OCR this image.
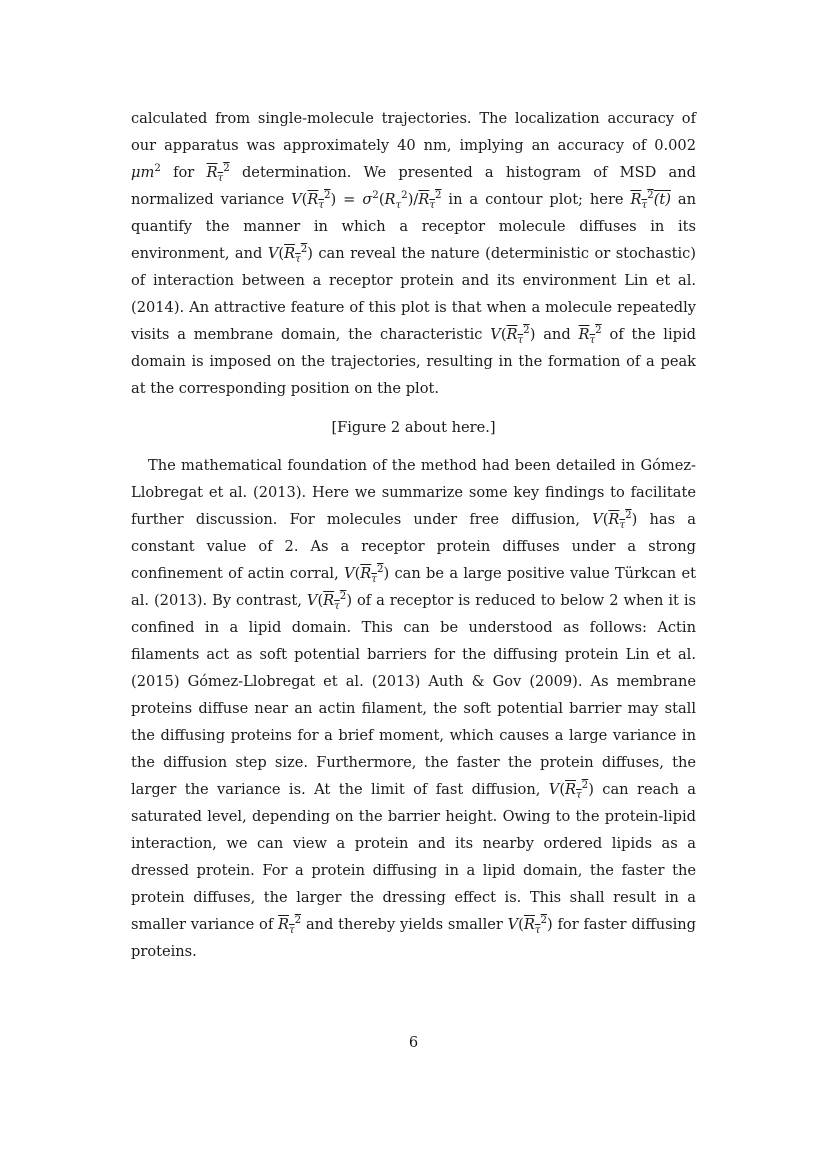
calculated from single-molecule trajectories. The localization accuracy of our apparatus was approximately 40 nm, implying an accuracy of 0.002 $\mu m^2$ for $R_\tau^2$ determination. We presented a histogram of MSD and normalized variance $V(R_\tau^2) = \sigma^2(R_\tau^2)/R_\tau^2$ in a contour plot; here $R_\tau^2(t)$ an quantify the manner in which a receptor molecule diffuses in its environment, and $V(R_\tau^2)$ can reveal the nature (deterministic or stochastic) of interaction between a receptor protein and its environment Lin et al. (2014). An attractive feature of this plot is that when a molecule repeatedly visits a membrane domain, the characteristic $V(R_\tau^2)$ and $R_\tau^2$ of the lipid domain is imposed on the trajectories, resulting in the formation of a peak at the corresponding position on the plot.

[Figure 2 about here.]

The mathematical foundation of the method had been detailed in Gómez-Llobregat et al. (2013). Here we summarize some key findings to facilitate further discussion. For molecules under free diffusion, $V(R_\tau^2)$ has a constant value of 2. As a receptor protein diffuses under a strong confinement of actin corral, $V(R_\tau^2)$ can be a large positive value Türkcan et al. (2013). By contrast, $V(R_\tau^2)$ of a receptor is reduced to below 2 when it is confined in a lipid domain. This can be understood as follows: Actin filaments act as soft potential barriers for the diffusing protein Lin et al. (2015) Gómez-Llobregat et al. (2013) Auth & Gov (2009). As membrane proteins diffuse near an actin filament, the soft potential barrier may stall the diffusing proteins for a brief moment, which causes a large variance in the diffusion step size. Furthermore, the faster the protein diffuses, the larger the variance is. At the limit of fast diffusion, $V(R_\tau^2)$ can reach a saturated level, depending on the barrier height. Owing to the protein-lipid interaction, we can view a protein and its nearby ordered lipids as a dressed protein. For a protein diffusing in a lipid domain, the faster the protein diffuses, the larger the dressing effect is. This shall result in a smaller variance of $R_\tau^2$ and thereby yields smaller $V(R_\tau^2)$ for faster diffusing proteins.

6
